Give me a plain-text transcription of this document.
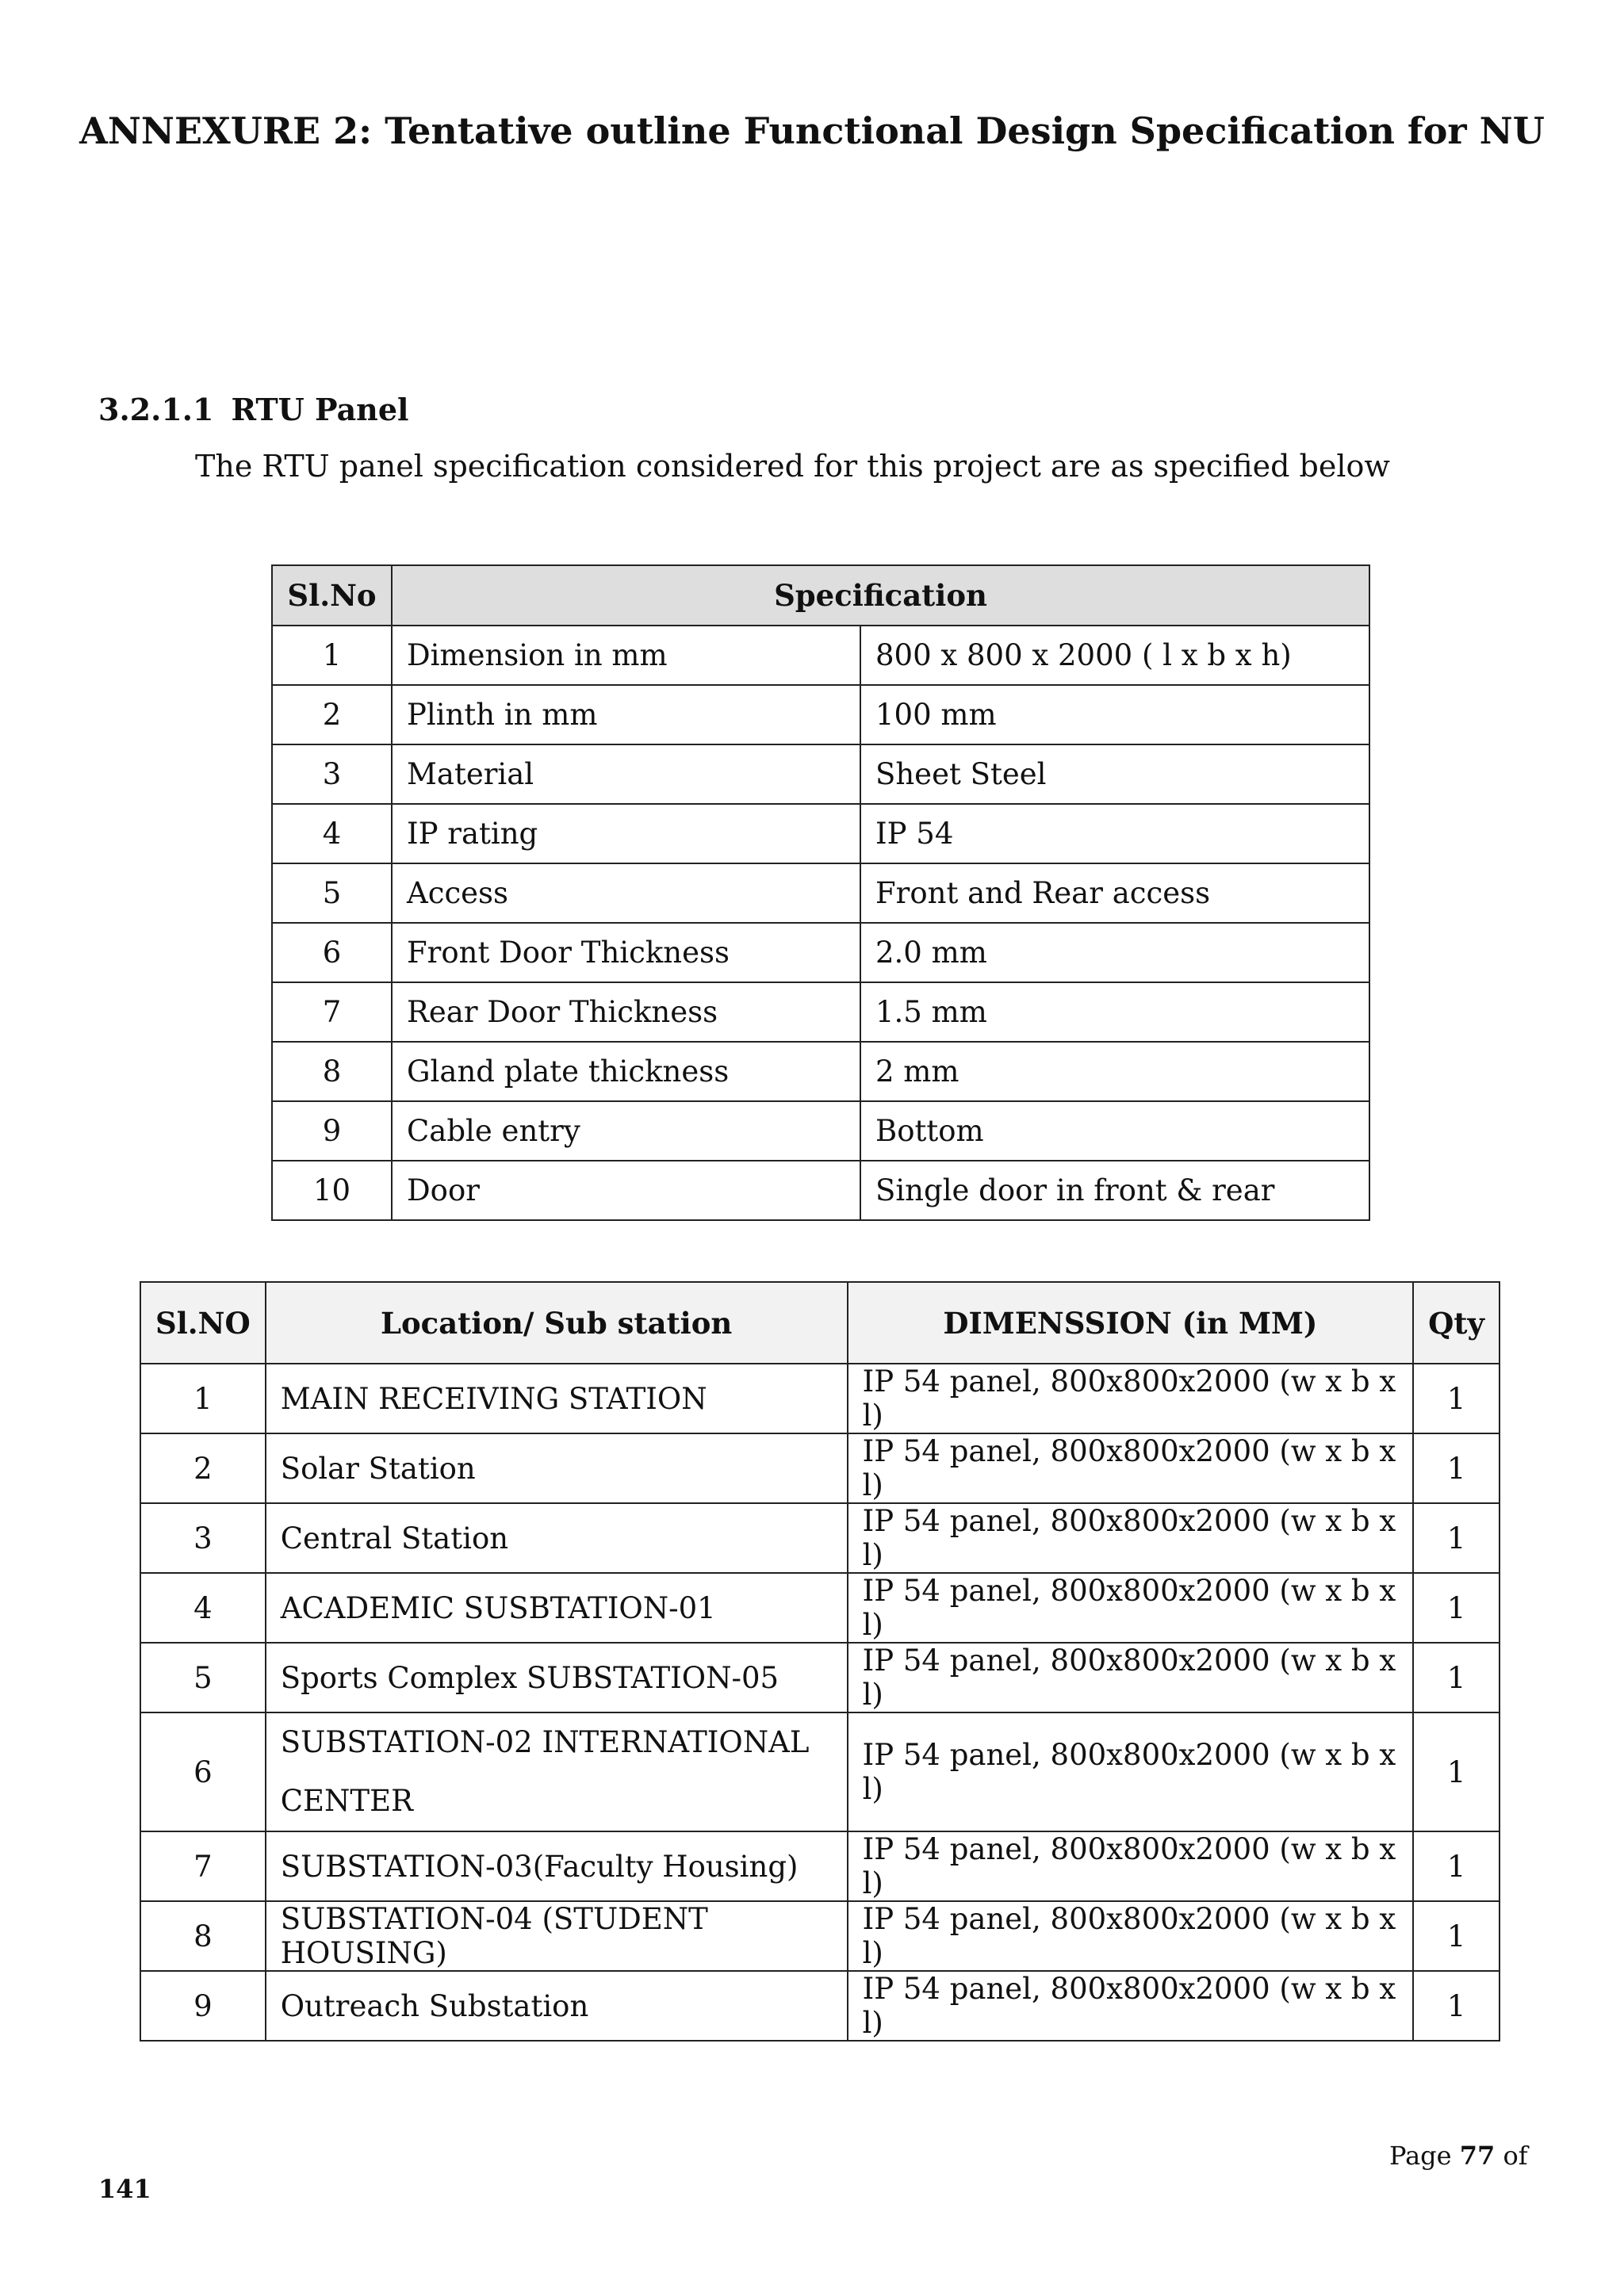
ANNEXURE 2: Tentative outline Functional Design Specification for NU
3.2.1.1 RTU Panel

The RTU panel specification considered for this project are as specified below

Sl.No	Specification	
1	Dimension in mm	800 x 800 x 2000 ( l x b x h)
2	Plinth in mm	100 mm
3	Material	Sheet Steel
4	IP rating	IP 54
5	Access	Front and Rear access
6	Front Door Thickness	2.0 mm
7	Rear Door Thickness	1.5 mm
8	Gland plate thickness	2 mm
9	Cable entry	Bottom
10	Door	Single door in front & rear
Sl.NO	Location/ Sub station	DIMENSSION (in MM)	Qty
1	MAIN RECEIVING STATION	IP 54 panel, 800x800x2000 (w x b x l)	1
2	Solar Station	IP 54 panel, 800x800x2000 (w x b x l)	1
3	Central Station	IP 54 panel, 800x800x2000 (w x b x l)	1
4	ACADEMIC SUSBTATION-01	IP 54 panel, 800x800x2000 (w x b x l)	1
5	Sports Complex SUBSTATION-05	IP 54 panel, 800x800x2000 (w x b x l)	1
6	SUBSTATION-02 INTERNATIONAL CENTER	IP 54 panel, 800x800x2000 (w x b x l)	1
7	SUBSTATION-03(Faculty Housing)	IP 54 panel, 800x800x2000 (w x b x l)	1
8	SUBSTATION-04 (STUDENT HOUSING)	IP 54 panel, 800x800x2000 (w x b x l)	1
9	Outreach Substation	IP 54 panel, 800x800x2000 (w x b x l)	1

Page 77 of

141
